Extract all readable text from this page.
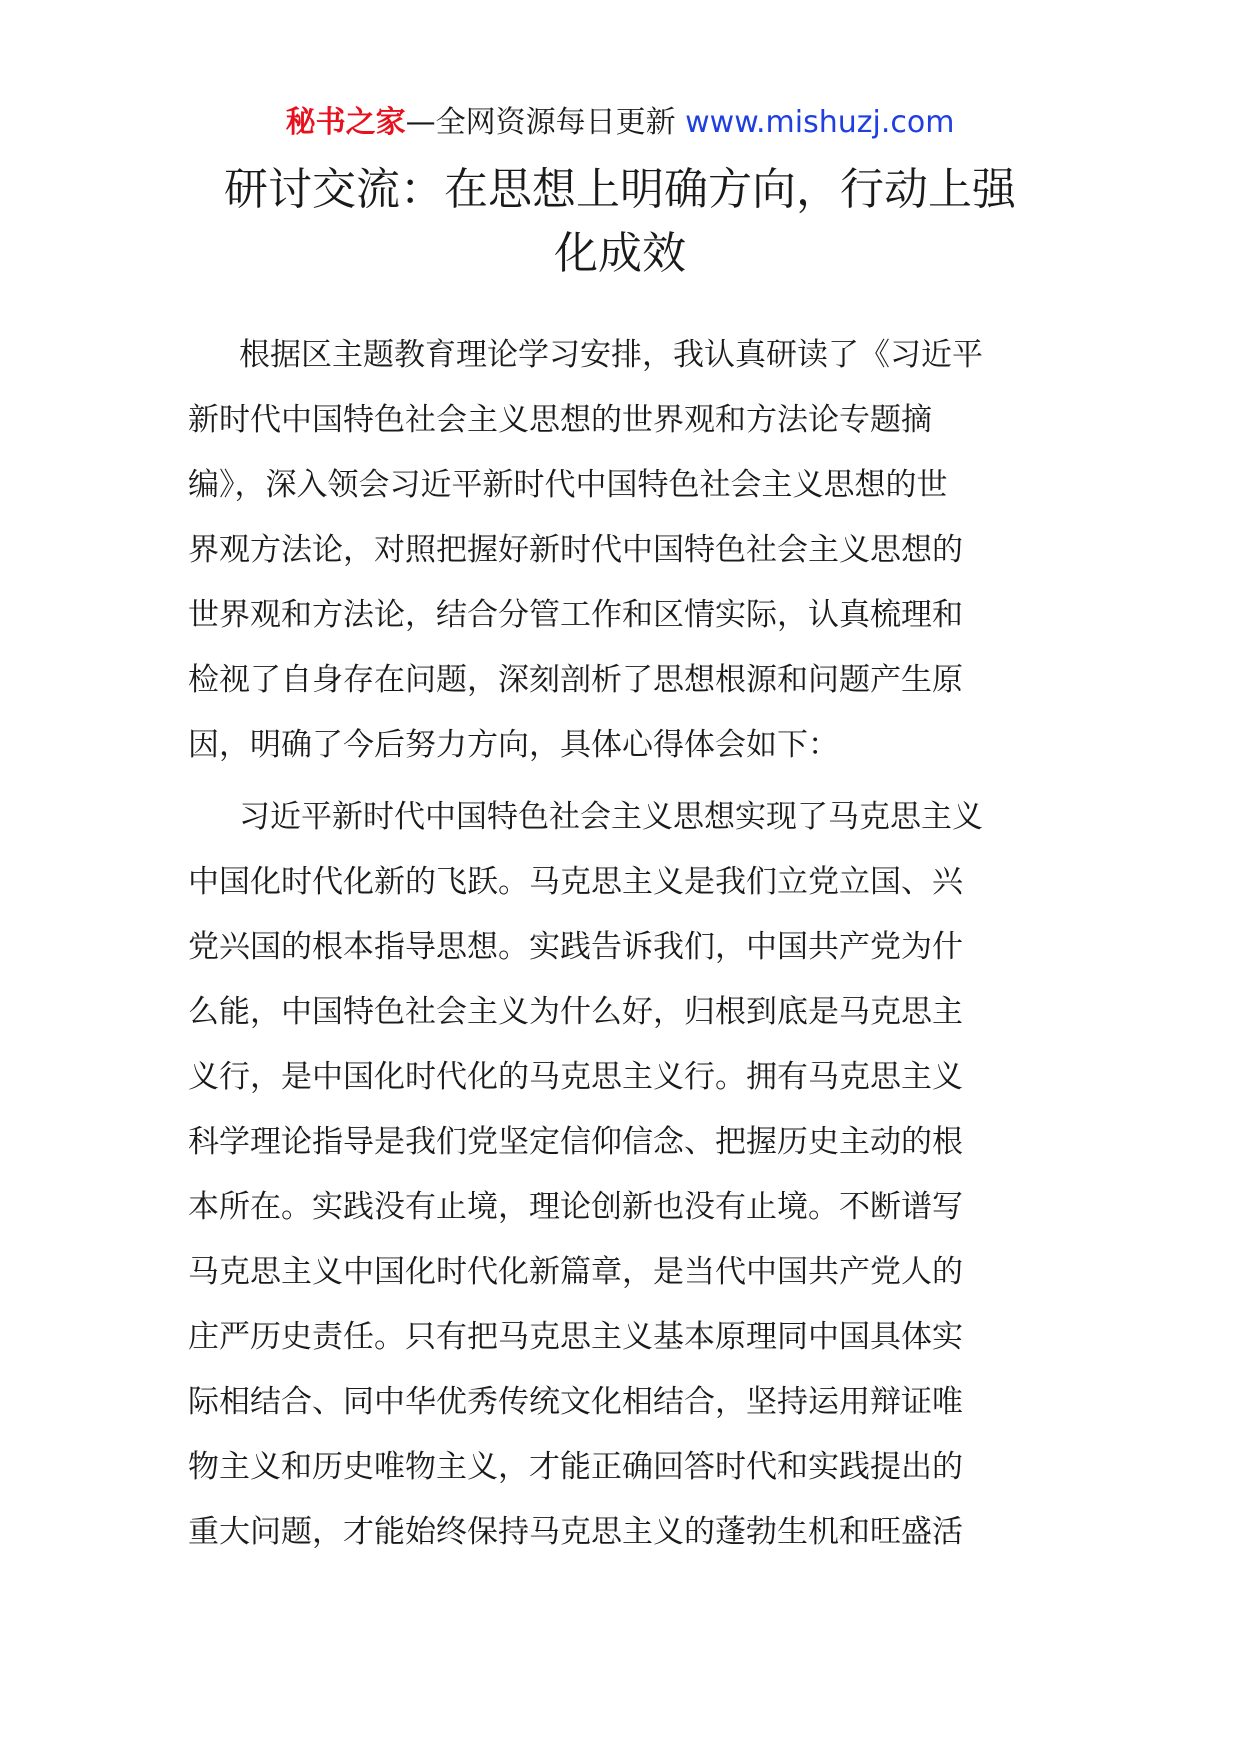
秘书之家—全网资源每日更新 www.mishuzj.com
研讨交流：在思想上明确方向，行动上强
化成效
根据区主题教育理论学习安排，我认真研读了《习近平
新时代中国特色社会主义思想的世界观和方法论专题摘
编》，深入领会习近平新时代中国特色社会主义思想的世
界观方法论，对照把握好新时代中国特色社会主义思想的
世界观和方法论，结合分管工作和区情实际，认真梳理和
检视了自身存在问题，深刻剖析了思想根源和问题产生原
因，明确了今后努力方向，具体心得体会如下：
习近平新时代中国特色社会主义思想实现了马克思主义
中国化时代化新的飞跃。马克思主义是我们立党立国、兴
党兴国的根本指导思想。实践告诉我们，中国共产党为什
么能，中国特色社会主义为什么好，归根到底是马克思主
义行，是中国化时代化的马克思主义行。拥有马克思主义
科学理论指导是我们党坚定信仰信念、把握历史主动的根
本所在。实践没有止境，理论创新也没有止境。不断谱写
马克思主义中国化时代化新篇章，是当代中国共产党人的
庄严历史责任。只有把马克思主义基本原理同中国具体实
际相结合、同中华优秀传统文化相结合，坚持运用辩证唯
物主义和历史唯物主义，才能正确回答时代和实践提出的
重大问题，才能始终保持马克思主义的蓬勃生机和旺盛活
